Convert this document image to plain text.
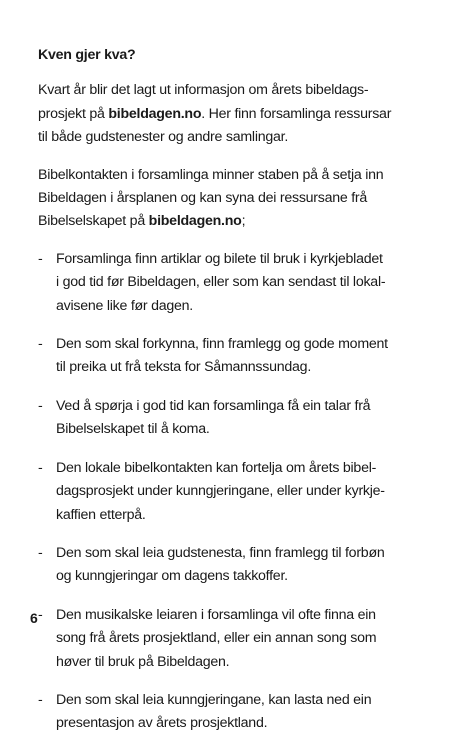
Kven gjer kva?
Kvart år blir det lagt ut informasjon om årets bibeldags-
prosjekt på bibeldagen.no. Her finn forsamlinga ressursar
til både gudstenester og andre samlingar.
Bibelkontakten i forsamlinga minner staben på å setja inn
Bibeldagen i årsplanen og kan syna dei ressursane frå
Bibelselskapet på bibeldagen.no;
- Forsamlinga finn artiklar og bilete til bruk i kyrkjebladet
i god tid før Bibeldagen, eller som kan sendast til lokal-
avisene like før dagen.
- Den som skal forkynna, finn framlegg og gode moment
til preika ut frå teksta for Såmannssundag.
- Ved å spørja i god tid kan forsamlinga få ein talar frå
Bibelselskapet til å koma.
- Den lokale bibelkontakten kan fortelja om årets bibel-
dagsprosjekt under kunngjeringane, eller under kyrkje-
kaffien etterpå.
- Den som skal leia gudstenesta, finn framlegg til forbøn
og kunngjeringar om dagens takkoffer.
- Den musikalske leiaren i forsamlinga vil ofte finna ein
song frå årets prosjektland, eller ein annan song som
høver til bruk på Bibeldagen.
- Den som skal leia kunngjeringane, kan lasta ned ein
presentasjon av årets prosjektland.
6
